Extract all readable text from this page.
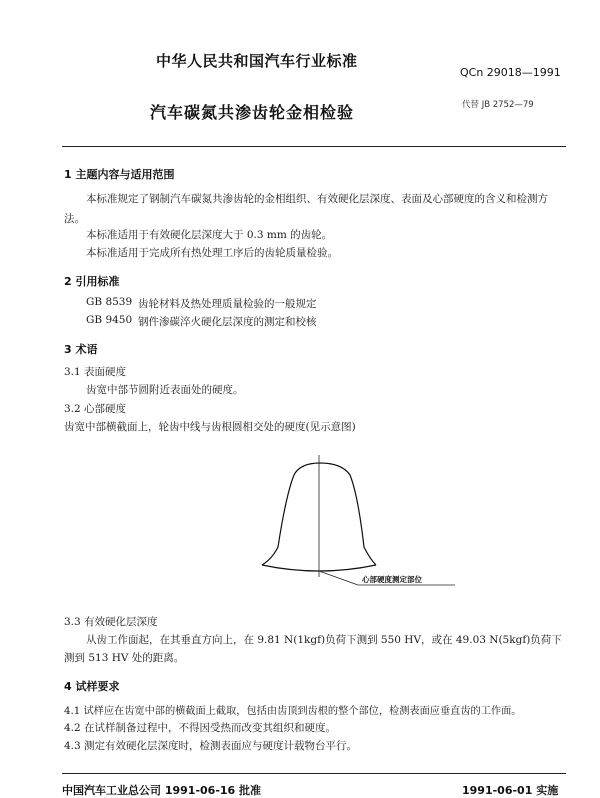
中华人民共和国汽车行业标准
QCn 29018—1991
汽车碳氮共渗齿轮金相检验	代替 JB 2752—79
1 主题内容与适用范围
本标准规定了钢制汽车碳氮共渗齿轮的金相组织、有效硬化层深度、表面及心部硬度的含义和检测方
法。
本标准适用于有效硬化层深度大于 0.3 mm 的齿轮。
本标准适用于完成所有热处理工序后的齿轮质量检验。
2 引用标准
GB 8539 齿轮材料及热处理质量检验的一般规定
GB 9450 钢件渗碳淬火硬化层深度的测定和校核
3 术语
3.1 表面硬度
齿宽中部节圆附近表面处的硬度。
3.2 心部硬度
齿宽中部横截面上，轮齿中线与齿根圆相交处的硬度(见示意图)
心部硬度测定部位
3.3 有效硬化层深度
从齿工作面起，在其垂直方向上，在 9.81 N(1kgf)负荷下测到 550 HV，或在 49.03 N(5kgf)负荷下
测到 513 HV 处的距离。
4 试样要求
4.1 试样应在齿宽中部的横截面上截取，包括由齿顶到齿根的整个部位，检测表面应垂直齿的工作面。
4.2 在试样制备过程中，不得因受热而改变其组织和硬度。
4.3 测定有效硬化层深度时，检测表面应与硬度计载物台平行。
中国汽车工业总公司 1991-06-16 批准	1991-06-01 实施
